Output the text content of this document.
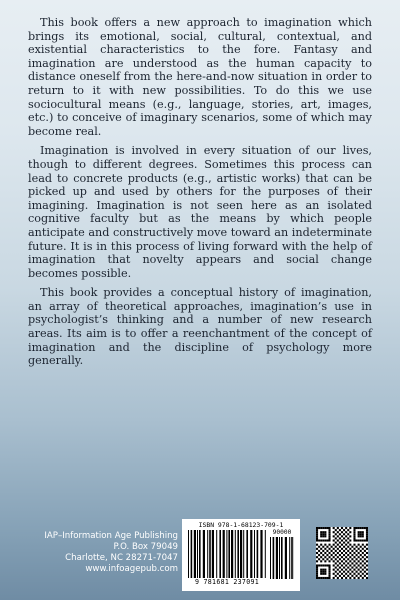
This book offers a new approach to imagination which brings its emotional, social, cultural, contextual, and existential characteristics to the fore. Fantasy and imagination are understood as the human capacity to distance oneself from the here-and-now situation in order to return to it with new possibilities. To do this we use sociocultural means (e.g., language, stories, art, images, etc.) to conceive of imaginary scenarios, some of which may become real.

Imagination is involved in every situation of our lives, though to different degrees. Sometimes this process can lead to concrete products (e.g., artistic works) that can be picked up and used by others for the purposes of their imagining. Imagination is not seen here as an isolated cognitive faculty but as the means by which people anticipate and constructively move toward an indeterminate future. It is in this process of living forward with the help of imagination that novelty appears and social change becomes possible.

This book provides a conceptual history of imagination, an array of theoretical approaches, imagination’s use in psychologist’s thinking and a number of new research areas. Its aim is to offer a reenchantment of the concept of imagination and the discipline of psychology more generally.

IAP–Information Age Publishing
P.O. Box 79049
Charlotte, NC 28271-7047
www.infoagepub.com
ISBN 978-1-68123-709-1
90000
9 781681 237091
